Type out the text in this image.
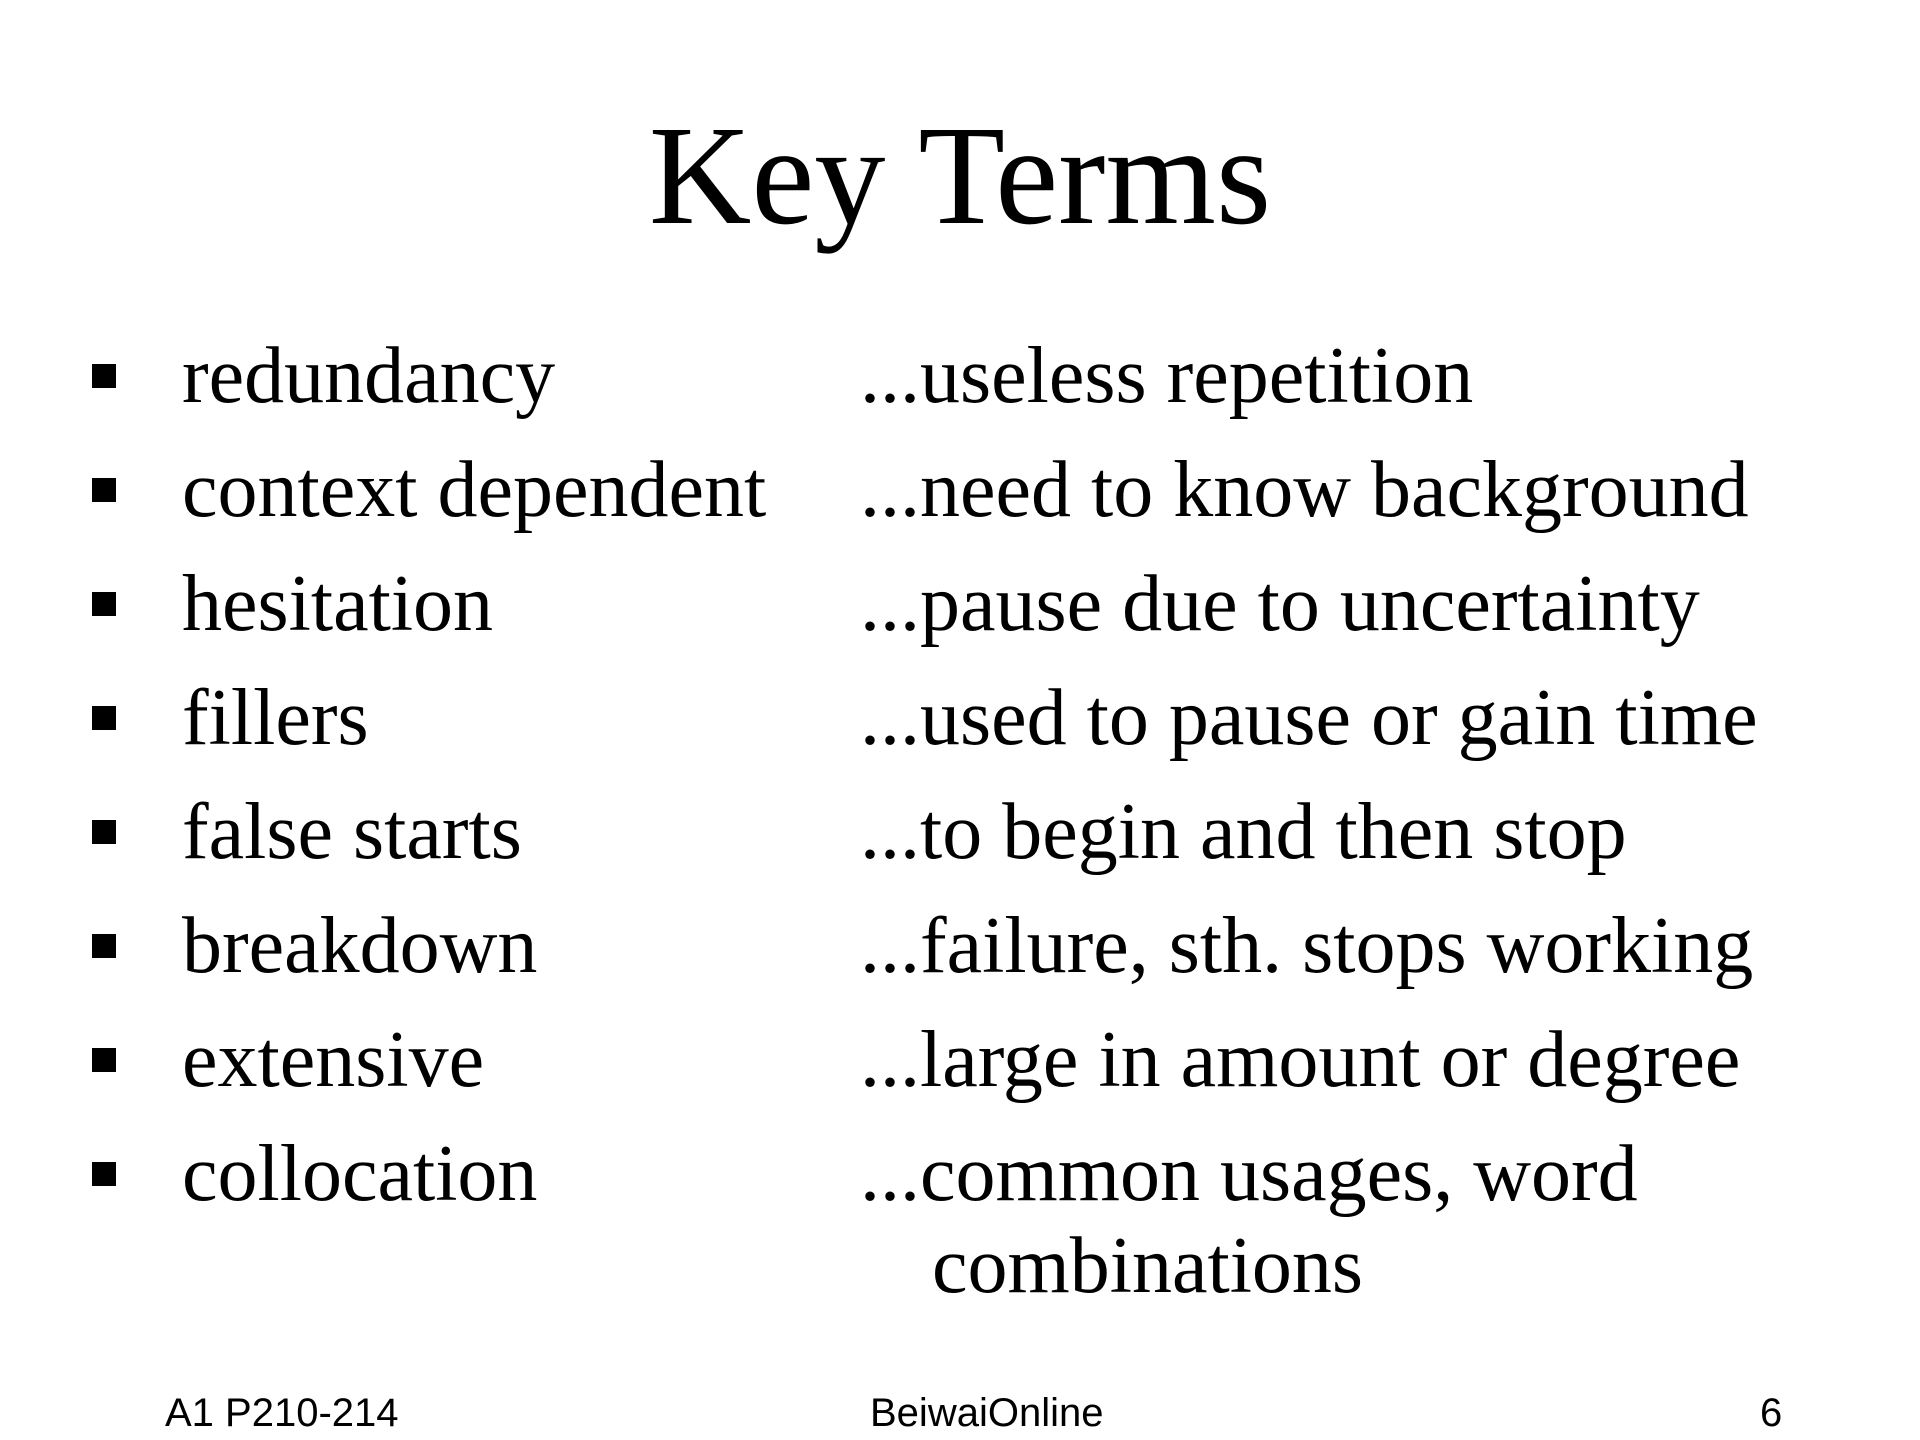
Key Terms
redundancy	...useless repetition
context dependent ...need to know background
hesitation	...pause due to uncertainty
fillers	...used to pause or gain time
false starts	...to begin and then stop
breakdown	...failure, sth. stops working
extensive	...large in amount or degree
collocation	...common usages, word
combinations
A1 P210-214	BeiwaiOnline	6
